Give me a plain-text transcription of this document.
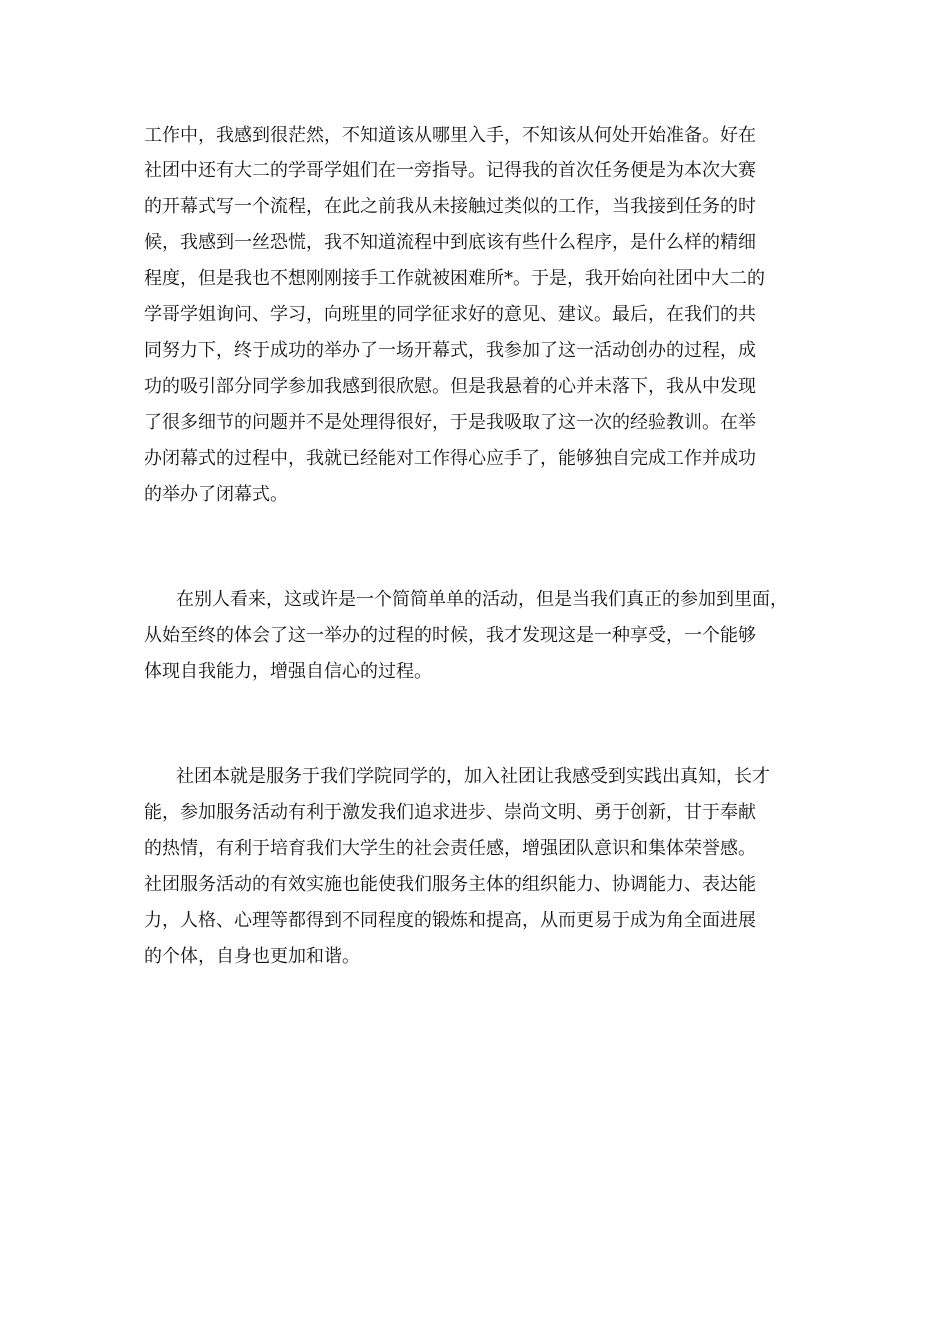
工作中，我感到很茫然，不知道该从哪里入手，不知该从何处开始准备。好在

社团中还有大二的学哥学姐们在一旁指导。记得我的首次任务便是为本次大赛

的开幕式写一个流程，在此之前我从未接触过类似的工作，当我接到任务的时

候，我感到一丝恐慌，我不知道流程中到底该有些什么程序，是什么样的精细

程度，但是我也不想刚刚接手工作就被困难所*。于是，我开始向社团中大二的

学哥学姐询问、学习，向班里的同学征求好的意见、建议。最后，在我们的共

同努力下，终于成功的举办了一场开幕式，我参加了这一活动创办的过程，成

功的吸引部分同学参加我感到很欣慰。但是我悬着的心并未落下，我从中发现

了很多细节的问题并不是处理得很好，于是我吸取了这一次的经验教训。在举

办闭幕式的过程中，我就已经能对工作得心应手了，能够独自完成工作并成功

的举办了闭幕式。

在别人看来，这或许是一个简简单单的活动，但是当我们真正的参加到里面，

从始至终的体会了这一举办的过程的时候，我才发现这是一种享受，一个能够

体现自我能力，增强自信心的过程。

社团本就是服务于我们学院同学的，加入社团让我感受到实践出真知，长才

能，参加服务活动有利于激发我们追求进步、崇尚文明、勇于创新，甘于奉献

的热情，有利于培育我们大学生的社会责任感，增强团队意识和集体荣誉感。

社团服务活动的有效实施也能使我们服务主体的组织能力、协调能力、表达能

力，人格、心理等都得到不同程度的锻炼和提高，从而更易于成为角全面进展

的个体，自身也更加和谐。
